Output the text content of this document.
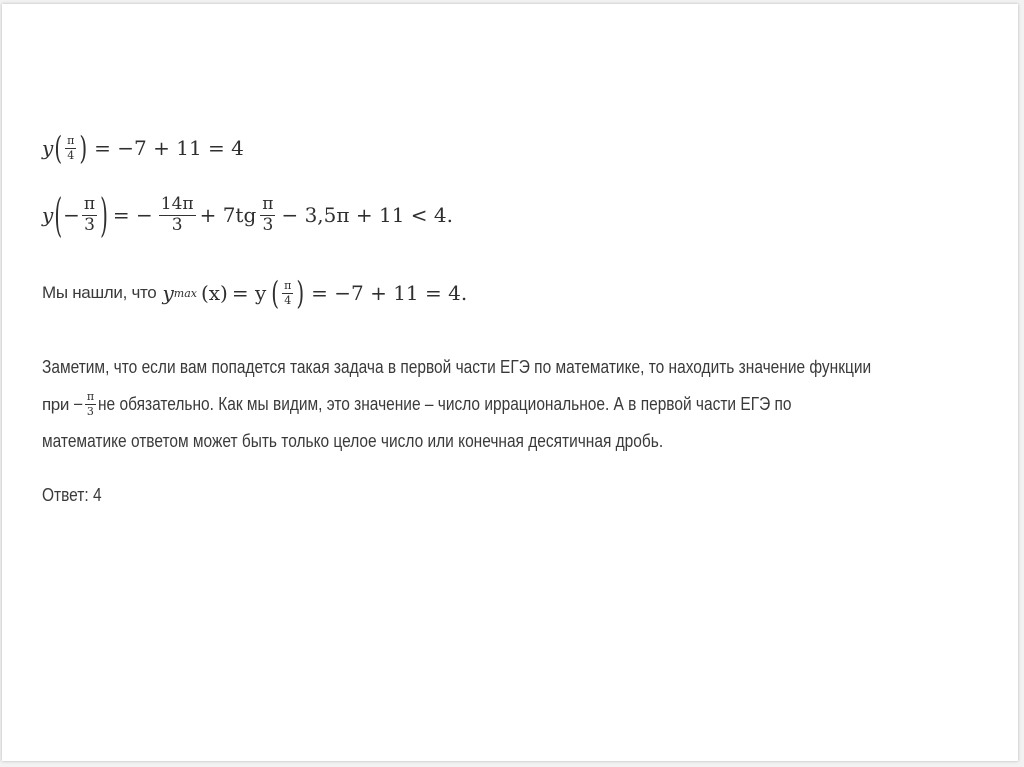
y ( $\frac{\pi}{4}$ ) = −7 + 11 = 4
y ( − $\frac{\pi}{3}$ ) = − $\frac{14\pi}{3} + 7tg \frac{\pi}{3} - 3,5\pi + 11 < 4$.
Мы нашли, что y max (x) = y ( $\frac{\pi}{4}$ ) = −7 + 11 = 4.
Заметим, что если вам попадется такая задача в первой части ЕГЭ по математике, то находить значение функции
при − $\frac{\pi}{3}$ не обязательно. Как мы видим, это значение – число иррациональное. А в первой части ЕГЭ по
математике ответом может быть только целое число или конечная десятичная дробь.
Ответ: 4
